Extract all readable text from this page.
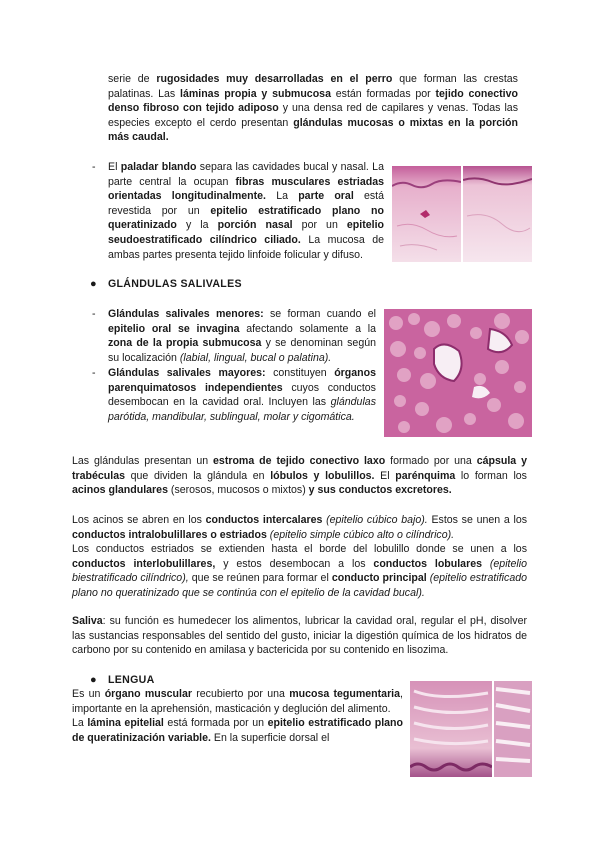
serie de rugosidades muy desarrolladas en el perro que forman las crestas palatinas. Las láminas propia y submucosa están formadas por tejido conectivo denso fibroso con tejido adiposo y una densa red de capilares y venas. Todas las especies excepto el cerdo presentan glándulas mucosas o mixtas en la porción más caudal.
-	El paladar blando separa las cavidades bucal y nasal. La parte central la ocupan fibras musculares estriadas orientadas longitudinalmente. La parte oral está revestida por un epitelio estratificado plano no queratinizado y la porción nasal por un epitelio seudoestratificado cilíndrico ciliado. La mucosa de ambas partes presenta tejido linfoide folicular y difuso.
● GLÁNDULAS SALIVALES
-	Glándulas salivales menores: se forman cuando el epitelio oral se invagina afectando solamente a la zona de la propia submucosa y se denominan según su localización (labial, lingual, bucal o palatina).
-	Glándulas salivales mayores: constituyen órganos parenquimatosos independientes cuyos conductos desembocan en la cavidad oral. Incluyen las glándulas parótida, mandibular, sublingual, molar y cigomática.
Las glándulas presentan un estroma de tejido conectivo laxo formado por una cápsula y trabéculas que dividen la glándula en lóbulos y lobulillos. El parénquima lo forman los acinos glandulares (serosos, mucosos o mixtos) y sus conductos excretores.
Los acinos se abren en los conductos intercalares (epitelio cúbico bajo). Estos se unen a los conductos intralobulillares o estriados (epitelio simple cúbico alto o cilíndrico).
Los conductos estriados se extienden hasta el borde del lobulillo donde se unen a los conductos interlobulillares, y estos desembocan a los conductos lobulares (epitelio biestratificado cilíndrico), que se reúnen para formar el conducto principal (epitelio estratificado plano no queratinizado que se continúa con el epitelio de la cavidad bucal).
Saliva: su función es humedecer los alimentos, lubricar la cavidad oral, regular el pH, disolver las sustancias responsables del sentido del gusto, iniciar la digestión química de los hidratos de carbono por su contenido en amilasa y bactericida por su contenido en lisozima.
● LENGUA
Es un órgano muscular recubierto por una mucosa tegumentaria, importante en la aprehensión, masticación y deglución del alimento.
La lámina epitelial está formada por un epitelio estratificado plano de queratinización variable. En la superficie dorsal el
